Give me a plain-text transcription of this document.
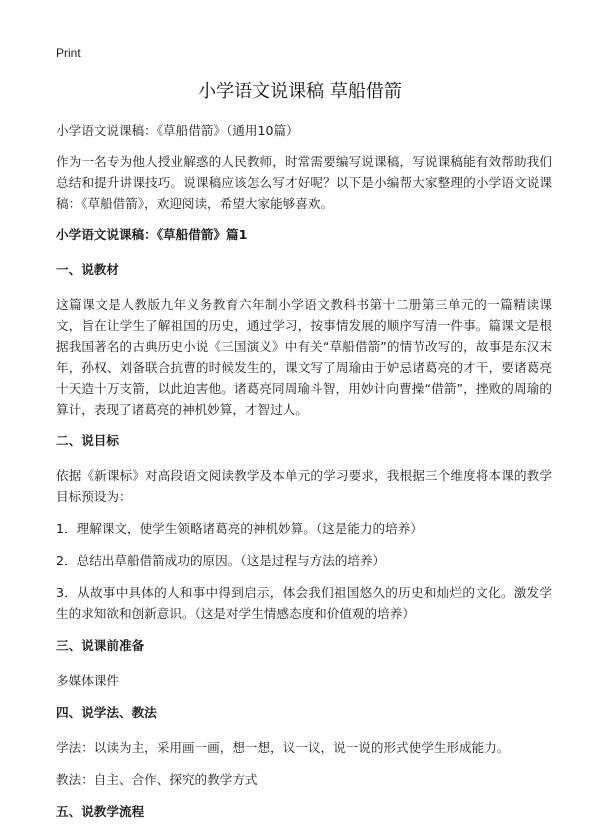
Print
小学语文说课稿 草船借箭

小学语文说课稿：《草船借箭》（通用10篇）

作为一名专为他人授业解惑的人民教师，时常需要编写说课稿，写说课稿能有效帮助我们总结和提升讲课技巧。说课稿应该怎么写才好呢？以下是小编帮大家整理的小学语文说课稿：《草船借箭》，欢迎阅读，希望大家能够喜欢。

小学语文说课稿：《草船借箭》篇1
一、说教材

这篇课文是人教版九年义务教育六年制小学语文教科书第十二册第三单元的一篇精读课文，旨在让学生了解祖国的历史，通过学习，按事情发展的顺序写清一件事。篇课文是根据我国著名的古典历史小说《三国演义》中有关“草船借箭”的情节改写的，故事是东汉末年，孙权、刘备联合抗曹的时候发生的，课文写了周瑜由于妒忌诸葛亮的才干，要诸葛亮十天造十万支箭，以此迫害他。诸葛亮同周瑜斗智，用妙计向曹操“借箭”，挫败的周瑜的算计，表现了诸葛亮的神机妙算，才智过人。

二、说目标

依据《新课标》对高段语文阅读教学及本单元的学习要求，我根据三个维度将本课的教学目标预设为：

1．理解课文，使学生领略诸葛亮的神机妙算。（这是能力的培养）

2．总结出草船借箭成功的原因。（这是过程与方法的培养）

3．从故事中具体的人和事中得到启示，体会我们祖国悠久的历史和灿烂的文化。激发学生的求知欲和创新意识。（这是对学生情感态度和价值观的培养）

三、说课前准备

多媒体课件

四、说学法、教法

学法：以读为主，采用画一画，想一想，议一议，说一说的形式使学生形成能力。

教法：自主、合作、探究的教学方式

五、说教学流程
